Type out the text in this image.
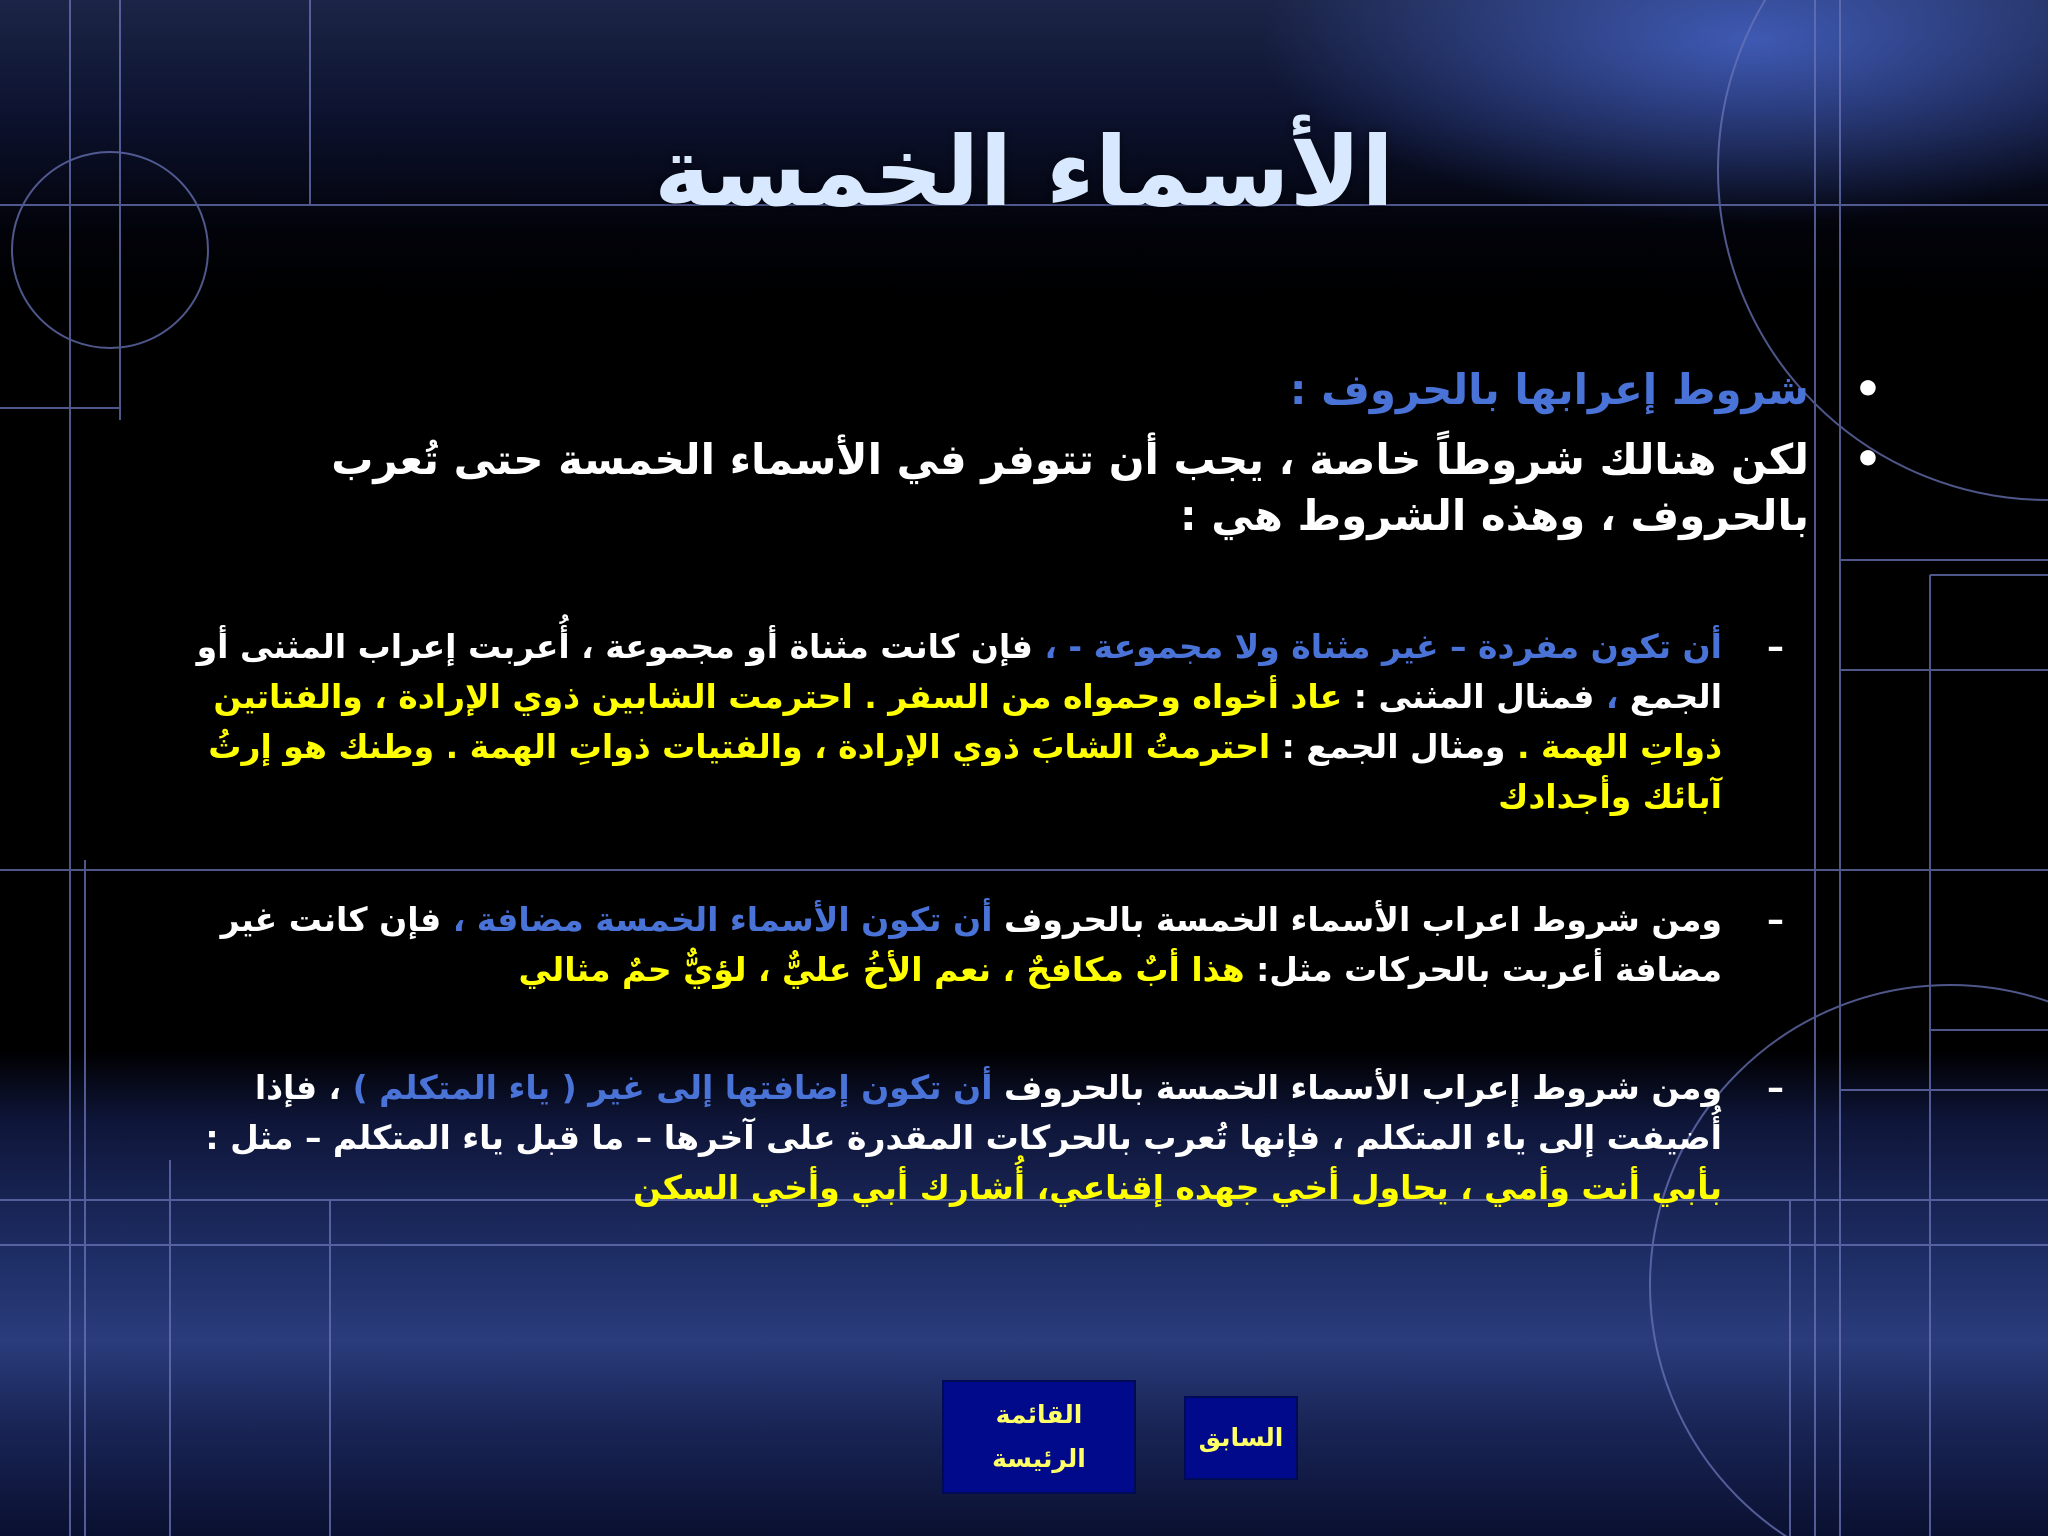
الأسماء الخمسة
•
شروط إعرابها بالحروف :
•
لكن هنالك شروطاً خاصة ، يجب أن تتوفر في الأسماء الخمسة حتى تُعرب بالحروف ، وهذه الشروط هي :
–
أن تكون مفردة – غير مثناة ولا مجموعة - ، فإن كانت مثناة أو مجموعة ، أُعربت إعراب المثنى أو الجمع ، فمثال المثنى : عاد أخواه وحمواه من السفر . احترمت الشابين ذوي الإرادة ، والفتاتين ذواتِ الهمة . ومثال الجمع : احترمتُ الشابَ ذوي الإرادة ، والفتيات ذواتِ الهمة . وطنك هو إرثُ آبائك وأجدادك
–
ومن شروط اعراب الأسماء الخمسة بالحروف أن تكون الأسماء الخمسة مضافة ، فإن كانت غير مضافة أعربت بالحركات مثل: هذا أبٌ مكافحٌ ، نعم الأخُ عليٌّ ، لؤيٌّ حمٌ مثالي
–
ومن شروط إعراب الأسماء الخمسة بالحروف أن تكون إضافتها إلى غير ( ياء المتكلم ) ، فإذا أُضيفت إلى ياء المتكلم ، فإنها تُعرب بالحركات المقدرة على آخرها – ما قبل ياء المتكلم – مثل : بأبي أنت وأمي ، يحاول أخي جهده إقناعي، أُشارك أبي وأخي السكن
القائمة الرئيسة
السابق
